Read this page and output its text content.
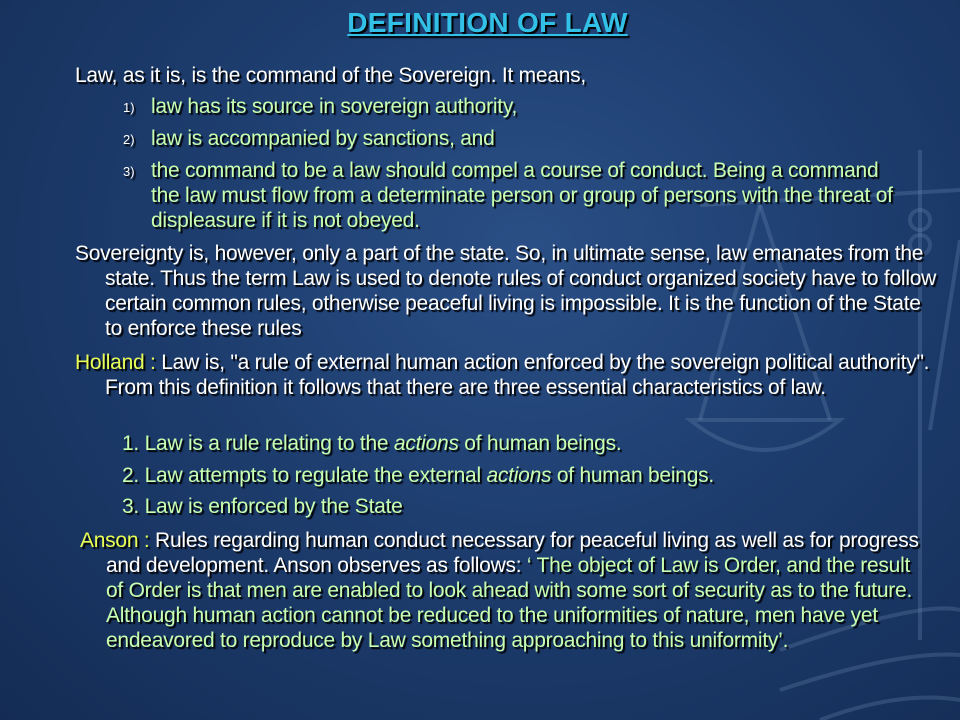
DEFINITION OF LAW
Law, as it is, is the command of the Sovereign. It means,
1) law has its source in sovereign authority,
2) law is accompanied by sanctions, and
3) the command to be a law should compel a course of conduct. Being a command the law must flow from a determinate person or group of persons with the threat of displeasure if it is not obeyed.
Sovereignty is, however, only a part of the state. So, in ultimate sense, law emanates from the state. Thus the term Law is used to denote rules of conduct organized society have to follow certain common rules, otherwise peaceful living is impossible. It is the function of the State to enforce these rules
Holland : Law is, "a rule of external human action enforced by the sovereign political authority". From this definition it follows that there are three essential characteristics of law.
1. Law is a rule relating to the actions of human beings.
2. Law attempts to regulate the external actions of human beings.
3. Law is enforced by the State
Anson : Rules regarding human conduct necessary for peaceful living as well as for progress and development. Anson observes as follows: ‘ The object of Law is Order, and the result of Order is that men are enabled to look ahead with some sort of security as to the future. Although human action cannot be reduced to the uniformities of nature, men have yet endeavored to reproduce by Law something approaching to this uniformity’.
